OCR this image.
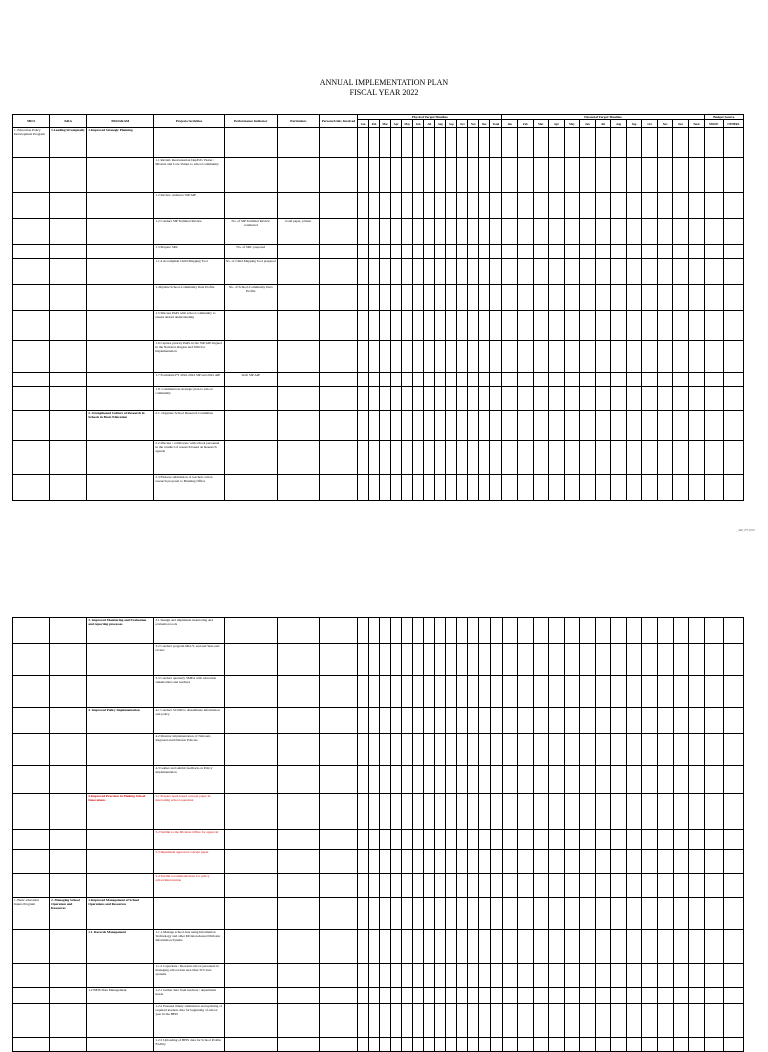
ANNUAL IMPLEMENTATION PLAN
FISCAL YEAR 2022
MFO	KRA	PROGRAM	Projects/Activities	Performance Indicator	Particulars	Persons/Units Involved	Physical Target/Timeline													Financial Target/Timeline													Budget Source	
							Jan	Feb	Mar	Apr	May	Jun	Jul	Aug	Sep	Oct	Nov	Dec	Total	Jan	Feb	Mar	Apr	May	Jun	Jul	Aug	Sep	Oct	Nov	Dec	Total	MOOE	OTHERS
1. Education Policy Development Program	1.Leading Strategically	1.Improved Strategic Planning																																
			1.1 Revisit/ Reorientation DepEd's Vision / Mission and Core Values to school community																															
			1.2 Review /enhance SIP/AIP																															
			1.2 Conduct SIP Terminal Review	No. of SIP Terminal Review conducted	bond paper, printer																													
			1.3 Prepare SRC	No. of SRC prepared																														
			1.1.4 Accomplish Child Mapping Tool	No. of Child Mapping Tool prepared																														
			1.4Update School-Community Data Profile	No. of School-Community Data Profile																														
			1.5 Discuss PAPs with school community to ensure shared understanding																															
			1.6 Capture priority PAPs in the SIP/AIP aligned in the National, Region and SDO for implementation																															
			1.7 Formulate FY 2022-2024 SIP and 2022 AIP	draft SIP AIP																														
			1.8. Communicate strategic plan to school community																															
		2. Strengthened Culture of Research in Schools in Basic Education	2.1. Organize School Research Committee																															
			2.2 Discuss / collaborate with school personnel in the conduct of research based on Research agenda																															
			2.3 Endorse submission of teachers action research proposal to Planning Office																															
_ AIP_FY 2019
		3. Improved Monitoring and Evaluation and reporting processes	3.1 Design and implement monitoring and evaluation tools																															
			3.2 Conduct program Mid-Y, and end Year-end review																															
			3.3 Conduct quarterly SMEA with education stakeholders and teachers																															
		4. Improved Policy Implementation	4.1 Conduct SCOM to disseminate information and policy																															
			4.2 Monitor implementation of National, Regional and Division Policies																															
			4.3 Gather and submit feedback on Policy implementation																															
		5.Improved Practices in Making School Innovations	5.1 Prepare need-based concept paper in innovating school operation																															
			5.2 Submit to the Division Office for approval																															
			5.3 Implement approved concept paper																															
			5.4 Submit recommendations for policy action/intervention																															
1. Basic education Inputs Program	2. Managing School Operation and Resources	1.Improved Management of School Operations and Resources																																
		1.1. Records Management	1.1.1 Manage school data using Information Technology and other Division-hosted Division Information Sytems																															
			1.1.2 Capacitate / Reorient school personnel in managing school data and other ICT data systems																															
		1.2 BEIS Data Management	1.2.1 Gather data from teachers / department heads																															
			1.2.2 Ensured timely submission and updating of required learners data for beginning of school year in the BEIS																															
			1.2.3 Uploading of BEIS data for School Profile Facility																															
